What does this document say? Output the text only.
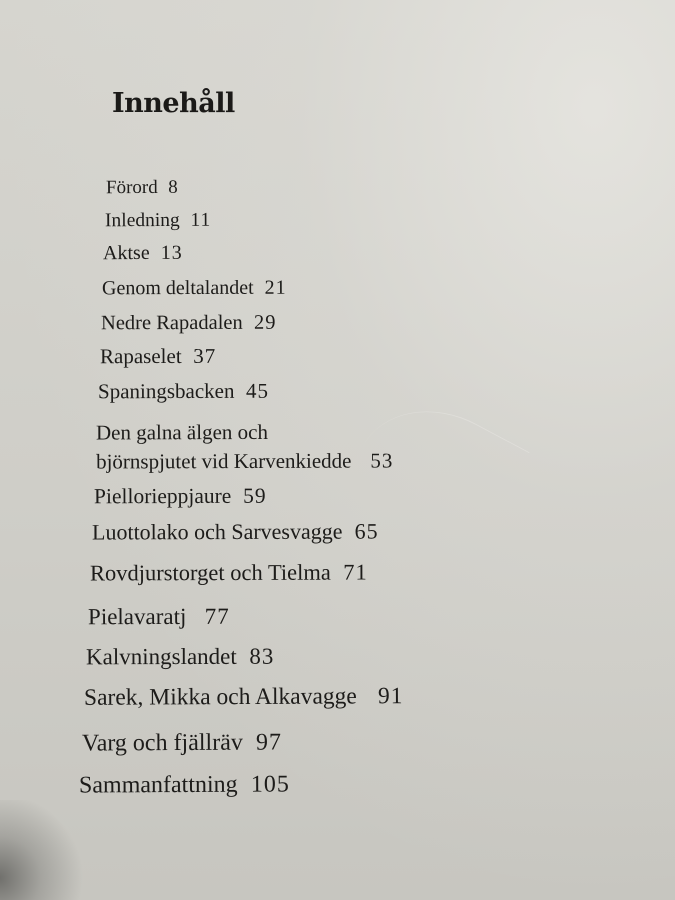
Innehåll
Förord 8
Inledning 11
Aktse 13
Genom deltalandet 21
Nedre Rapadalen 29
Rapaselet 37
Spaningsbacken 45
Den galna älgen och
björnspjutet vid Karvenkiedde 53
Piellorieppjaure 59
Luottolako och Sarvesvagge 65
Rovdjurstorget och Tielma 71
Pielavaratj 77
Kalvningslandet 83
Sarek, Mikka och Alkavagge 91
Varg och fjällräv 97
Sammanfattning 105
